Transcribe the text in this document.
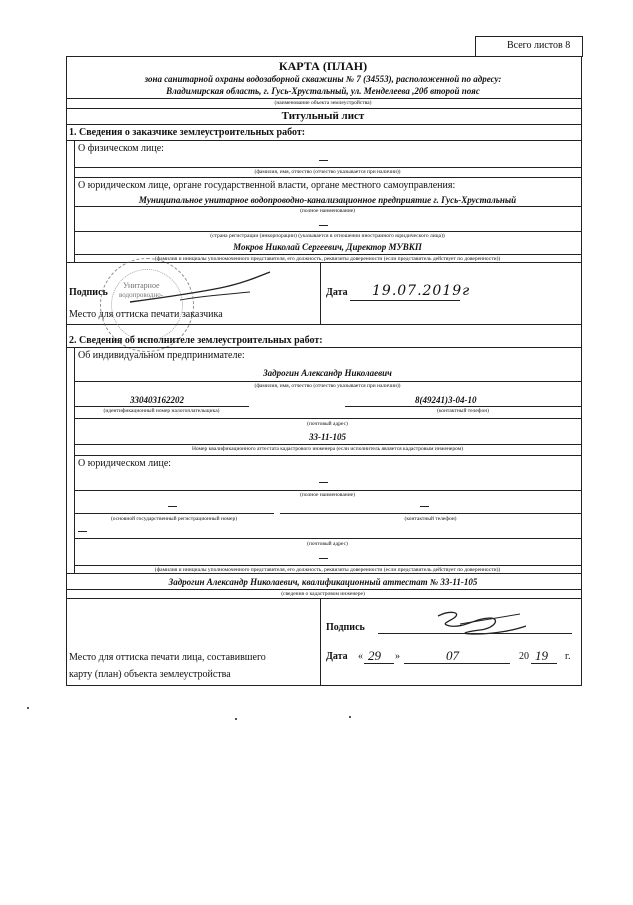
Всего листов 8
КАРТА (ПЛАН)
зона санитарной охраны водозаборной скважины № 7 (34553), расположенной по адресу:
Владимирская область, г. Гусь-Хрустальный, ул. Менделеева ,20б второй пояс
(наименование объекта землеустройства)
Титульный лист
1. Сведения о заказчике землеустроительных работ:
О физическом лице:
(фамилия, имя, отчество (отчество указывается при наличии))
О юридическом лице, органе государственной власти, органе местного самоуправления:
Муниципальное унитарное водопроводно-канализационное предприятие г. Гусь-Хрустальный
(полное наименование)
(страна регистрации (инкорпорации) (указывается в отношении иностранного юридического лица))
Мокров Николай Сергеевич, Директор МУВКП
(фамилия и инициалы уполномоченного представителя, его должность, реквизиты доверенности (если представитель действует по доверенности))
Подпись	Дата 19.07.2019г
Место для оттиска печати заказчика
Унитарное
водопроводно-
2. Сведения об исполнителе землеустроительных работ:
Об индивидуальном предпринимателе:
Задрогин Александр Николаевич
(фамилия, имя, отчество (отчество указывается при наличии))
330403162202	8(49241)3-04-10
(идентификационный номер налогоплательщика)	(контактный телефон)
(почтовый адрес)
33-11-105
Номер квалификационного аттестата кадастрового инженера (если исполнитель является кадастровым инженером)
О юридическом лице:
(полное наименование)
(основной государственный регистрационный номер)	(контактный телефон)
(почтовый адрес)
(фамилия и инициалы уполномоченного представителя, его должность, реквизиты доверенности (если представитель действует по доверенности))
Задрогин Александр Николаевич, квалификационный аттестат № 33-11-105
(сведения о кадастровом инженере)
Подпись
Дата « 29 »	07	20 19 г.
Место для оттиска печати лица, составившего
карту (план) объекта землеустройства
